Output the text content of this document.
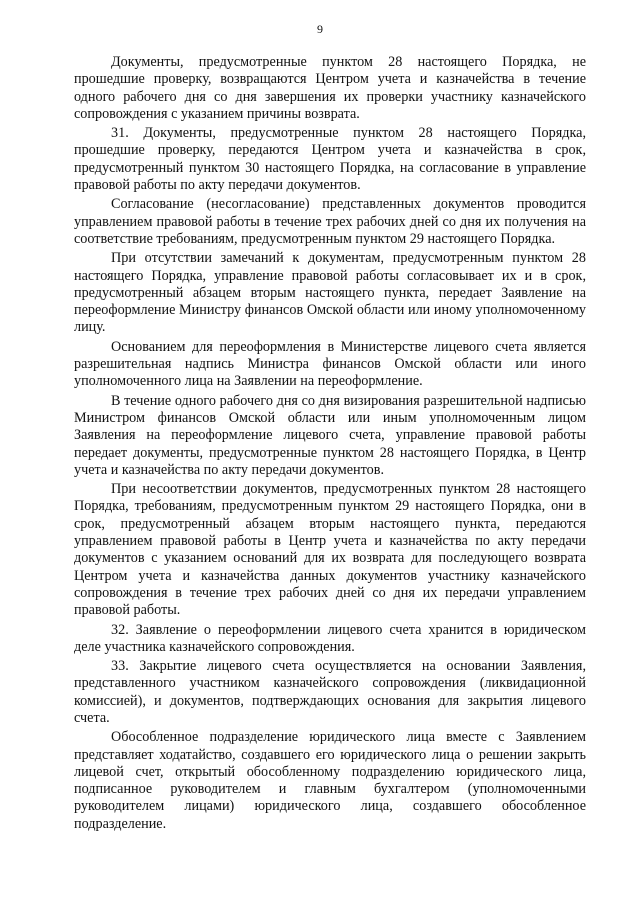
9

Документы, предусмотренные пунктом 28 настоящего Порядка, не прошедшие проверку, возвращаются Центром учета и казначейства в течение одного рабочего дня со дня завершения их проверки участнику казначейского сопровождения с указанием причины возврата.

31. Документы, предусмотренные пунктом 28 настоящего Порядка, прошедшие проверку, передаются Центром учета и казначейства в срок, предусмотренный пунктом 30 настоящего Порядка, на согласование в управление правовой работы по акту передачи документов.

Согласование (несогласование) представленных документов проводится управлением правовой работы в течение трех рабочих дней со дня их получения на соответствие требованиям, предусмотренным пунктом 29 настоящего Порядка.

При отсутствии замечаний к документам, предусмотренным пунктом 28 настоящего Порядка, управление правовой работы согласовывает их и в срок, предусмотренный абзацем вторым настоящего пункта, передает Заявление на переоформление Министру финансов Омской области или иному уполномоченному лицу.

Основанием для переоформления в Министерстве лицевого счета является разрешительная надпись Министра финансов Омской области или иного уполномоченного лица на Заявлении на переоформление.

В течение одного рабочего дня со дня визирования разрешительной надписью Министром финансов Омской области или иным уполномоченным лицом Заявления на переоформление лицевого счета, управление правовой работы передает документы, предусмотренные пунктом 28 настоящего Порядка, в Центр учета и казначейства по акту передачи документов.

При несоответствии документов, предусмотренных пунктом 28 настоящего Порядка, требованиям, предусмотренным пунктом 29 настоящего Порядка, они в срок, предусмотренный абзацем вторым настоящего пункта, передаются управлением правовой работы в Центр учета и казначейства по акту передачи документов с указанием оснований для их возврата для последующего возврата Центром учета и казначейства данных документов участнику казначейского сопровождения в течение трех рабочих дней со дня их передачи управлением правовой работы.

32. Заявление о переоформлении лицевого счета хранится в юридическом деле участника казначейского сопровождения.

33. Закрытие лицевого счета осуществляется на основании Заявления, представленного участником казначейского сопровождения (ликвидационной комиссией), и документов, подтверждающих основания для закрытия лицевого счета.

Обособленное подразделение юридического лица вместе с Заявлением представляет ходатайство, создавшего его юридического лица о решении закрыть лицевой счет, открытый обособленному подразделению юридического лица, подписанное руководителем и главным бухгалтером (уполномоченными руководителем лицами) юридического лица, создавшего обособленное подразделение.
